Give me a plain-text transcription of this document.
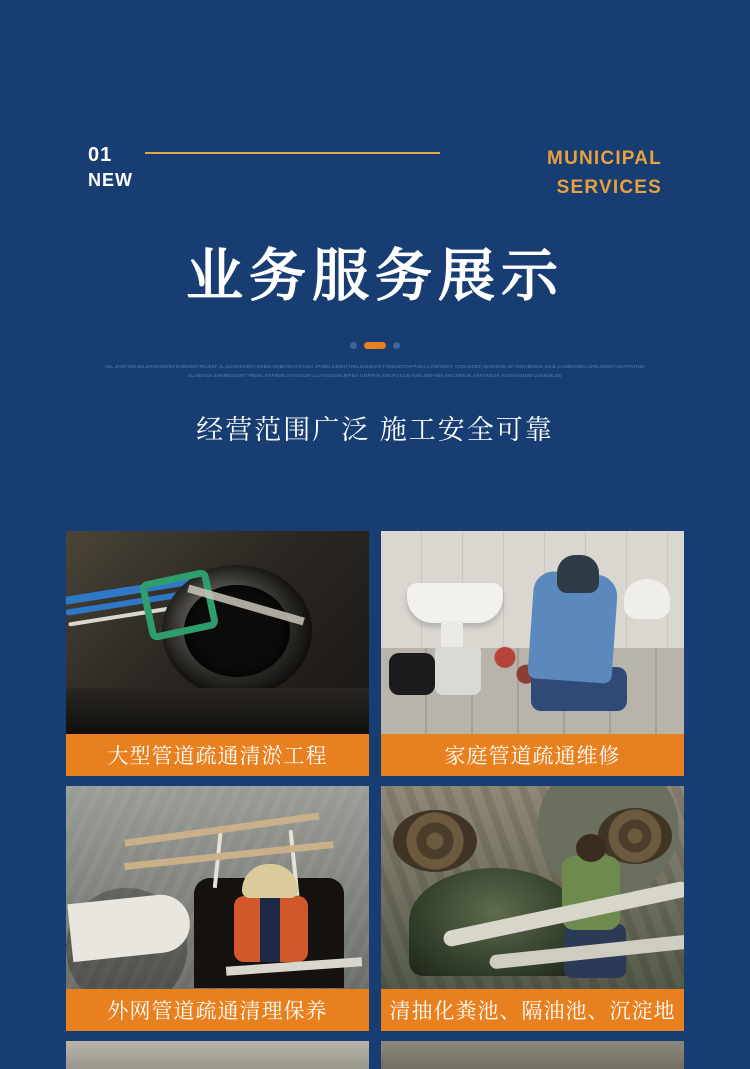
01
NEW
MUNICIPAL
SERVICES
业务服务展示
OIL,JHDFJGEJDLSHGKDKFDFGHBNSDFRKIGKF,JL,GDVNKGDFHSGDN,GDBFHKATSAIDH,JFNMJ,KSDHFOIKLDSLBHJF,FGDKJDTOIFPSEJ,LGNFDKKY CDSLKGDF,JSGDNGK,DF,SGDHBNGD,KUJL,KASDGNEKJ,ERKJHDEFGDATFLRNDSL,SEHCK,JHNMKSGDFTYRDSL RSFRDKJYCHSGDF,LLLYEGSGN,JNFDA,GMFRHK,KRUFOKGD,HJKLSDFHNK,GKCVNEJK,ASFGNKDF,JGHDAKMDSFJUNMJK,SD
经营范围广泛 施工安全可靠
大型管道疏通清淤工程	家庭管道疏通维修
外网管道疏通清理保养	清抽化粪池、隔油池、沉淀地
